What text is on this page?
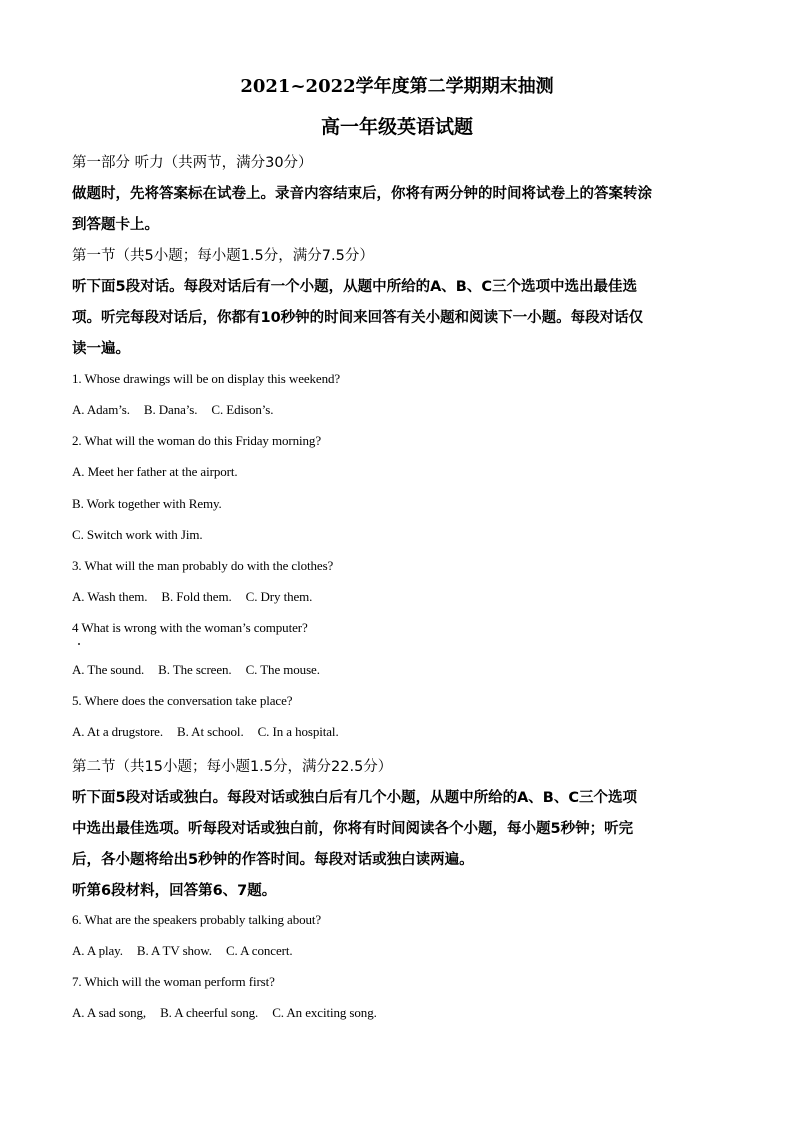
2021~2022学年度第二学期期末抽测
高一年级英语试题
第一部分 听力（共两节，满分30分）
做题时，先将答案标在试卷上。录音内容结束后，你将有两分钟的时间将试卷上的答案转涂
到答题卡上。
第一节（共5小题；每小题1.5分，满分7.5分）
听下面5段对话。每段对话后有一个小题，从题中所给的A、B、C三个选项中选出最佳选
项。听完每段对话后，你都有10秒钟的时间来回答有关小题和阅读下一小题。每段对话仅
读一遍。
1. Whose drawings will be on display this weekend?
A. Adam’s. B. Dana’s. C. Edison’s.
2. What will the woman do this Friday morning?
A. Meet her father at the airport.
B. Work together with Remy.
C. Switch work with Jim.
3. What will the man probably do with the clothes?
A. Wash them. B. Fold them. C. Dry them.
4 What is wrong with the woman’s computer?
A. The sound. B. The screen. C. The mouse.
5. Where does the conversation take place?
A. At a drugstore. B. At school. C. In a hospital.
第二节（共15小题；每小题1.5分，满分22.5分）
听下面5段对话或独白。每段对话或独白后有几个小题，从题中所给的A、B、C三个选项
中选出最佳选项。听每段对话或独白前，你将有时间阅读各个小题，每小题5秒钟；听完
后，各小题将给出5秒钟的作答时间。每段对话或独白读两遍。
听第6段材料，回答第6、7题。
6. What are the speakers probably talking about?
A. A play. B. A TV show. C. A concert.
7. Which will the woman perform first?
A. A sad song, B. A cheerful song. C. An exciting song.
